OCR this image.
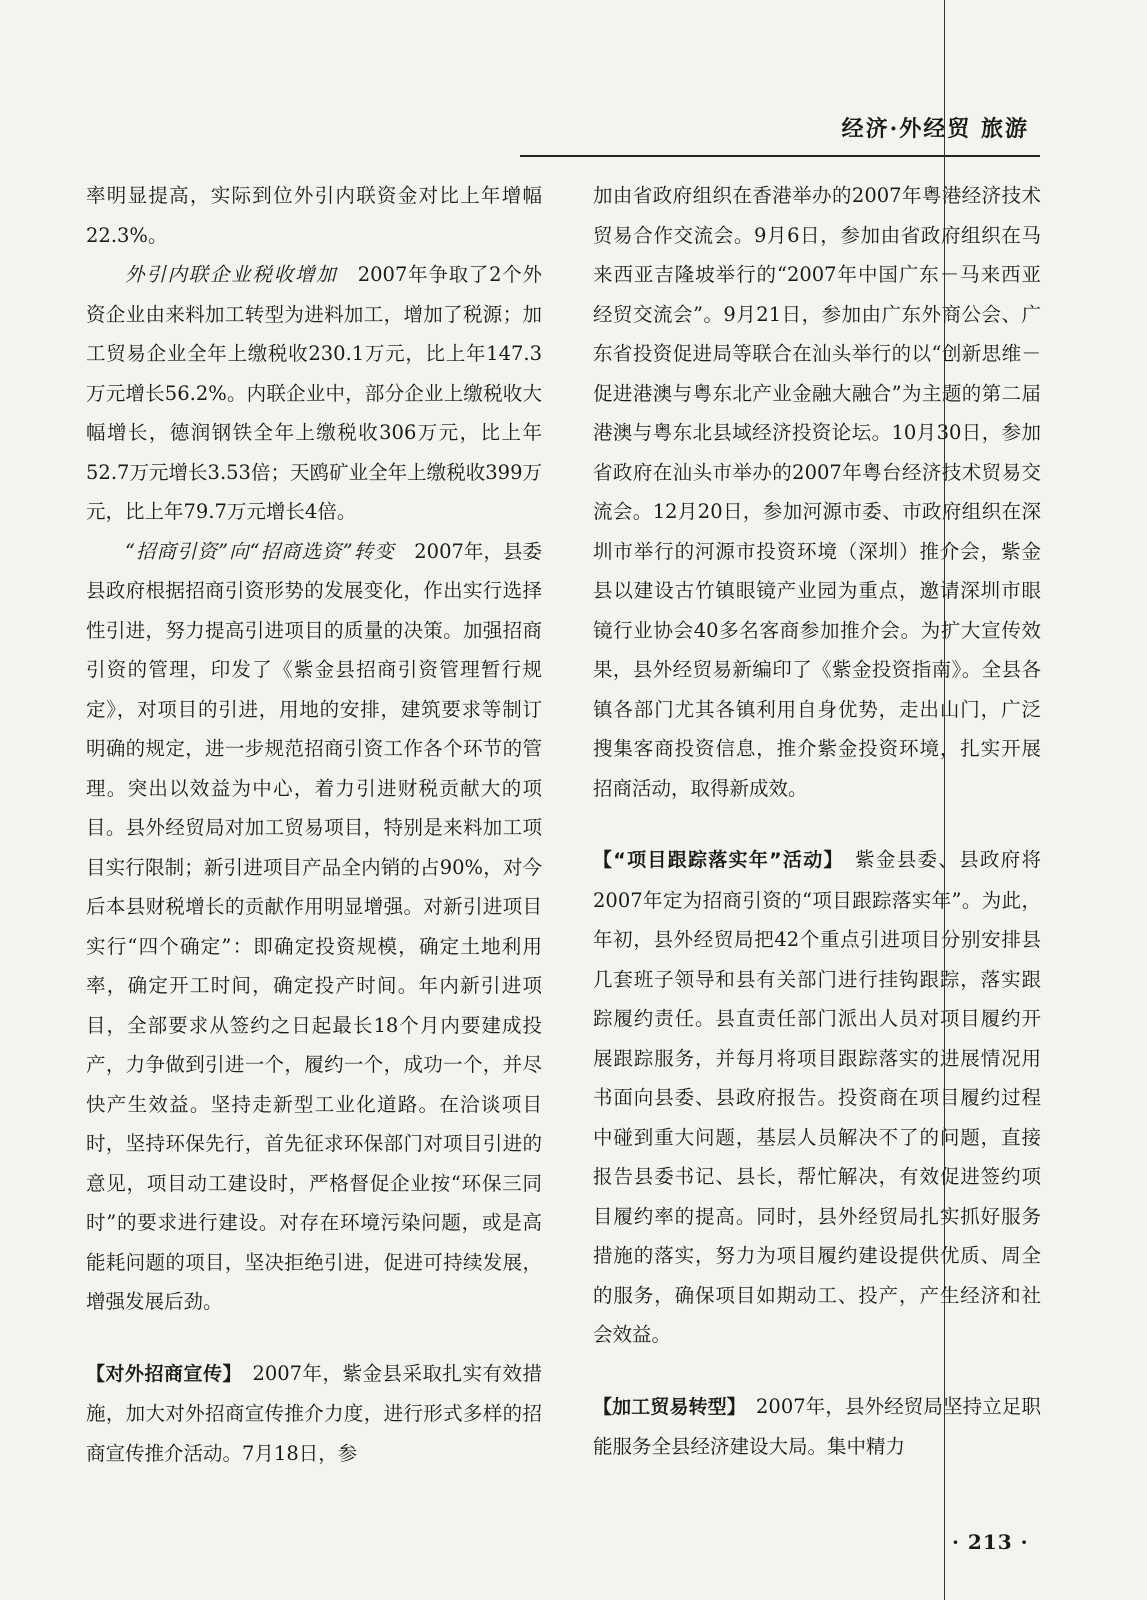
经济·外经贸 旅游

率明显提高，实际到位外引内联资金对比上年增幅22.3%。

外引内联企业税收增加　 2007年争取了2个外资企业由来料加工转型为进料加工，增加了税源；加工贸易企业全年上缴税收230.1万元，比上年147.3万元增长56.2%。内联企业中，部分企业上缴税收大幅增长，德润钢铁全年上缴税收306万元，比上年52.7万元增长3.53倍；天鸥矿业全年上缴税收399万元，比上年79.7万元增长4倍。

“招商引资”向“招商选资”转变　 2007年，县委县政府根据招商引资形势的发展变化，作出实行选择性引进，努力提高引进项目的质量的决策。加强招商引资的管理，印发了《紫金县招商引资管理暂行规定》，对项目的引进，用地的安排，建筑要求等制订明确的规定，进一步规范招商引资工作各个环节的管理。突出以效益为中心，着力引进财税贡献大的项目。县外经贸局对加工贸易项目，特别是来料加工项目实行限制；新引进项目产品全内销的占90%，对今后本县财税增长的贡献作用明显增强。对新引进项目实行“四个确定”：即确定投资规模，确定土地利用率，确定开工时间，确定投产时间。年内新引进项目，全部要求从签约之日起最长18个月内要建成投产，力争做到引进一个，履约一个，成功一个，并尽快产生效益。坚持走新型工业化道路。在洽谈项目时，坚持环保先行，首先征求环保部门对项目引进的意见，项目动工建设时，严格督促企业按“环保三同时”的要求进行建设。对存在环境污染问题，或是高能耗问题的项目，坚决拒绝引进，促进可持续发展，增强发展后劲。

【对外招商宣传】　 2007年，紫金县采取扎实有效措施，加大对外招商宣传推介力度，进行形式多样的招商宣传推介活动。7月18日，参

加由省政府组织在香港举办的2007年粤港经济技术贸易合作交流会。9月6日，参加由省政府组织在马来西亚吉隆坡举行的“2007年中国广东－马来西亚经贸交流会”。9月21日，参加由广东外商公会、广东省投资促进局等联合在汕头举行的以“创新思维－促进港澳与粤东北产业金融大融合”为主题的第二届港澳与粤东北县域经济投资论坛。10月30日，参加省政府在汕头市举办的2007年粤台经济技术贸易交流会。12月20日，参加河源市委、市政府组织在深圳市举行的河源市投资环境（深圳）推介会，紫金县以建设古竹镇眼镜产业园为重点，邀请深圳市眼镜行业协会40多名客商参加推介会。为扩大宣传效果，县外经贸易新编印了《紫金投资指南》。全县各镇各部门尤其各镇利用自身优势，走出山门，广泛搜集客商投资信息，推介紫金投资环境，扎实开展招商活动，取得新成效。

【“项目跟踪落实年”活动】　 紫金县委、县政府将2007年定为招商引资的“项目跟踪落实年”。为此，年初，县外经贸局把42个重点引进项目分别安排县几套班子领导和县有关部门进行挂钩跟踪，落实跟踪履约责任。县直责任部门派出人员对项目履约开展跟踪服务，并每月将项目跟踪落实的进展情况用书面向县委、县政府报告。投资商在项目履约过程中碰到重大问题，基层人员解决不了的问题，直接报告县委书记、县长，帮忙解决，有效促进签约项目履约率的提高。同时，县外经贸局扎实抓好服务措施的落实，努力为项目履约建设提供优质、周全的服务，确保项目如期动工、投产，产生经济和社会效益。

【加工贸易转型】　 2007年，县外经贸局坚持立足职能服务全县经济建设大局。集中精力

· 213 ·
